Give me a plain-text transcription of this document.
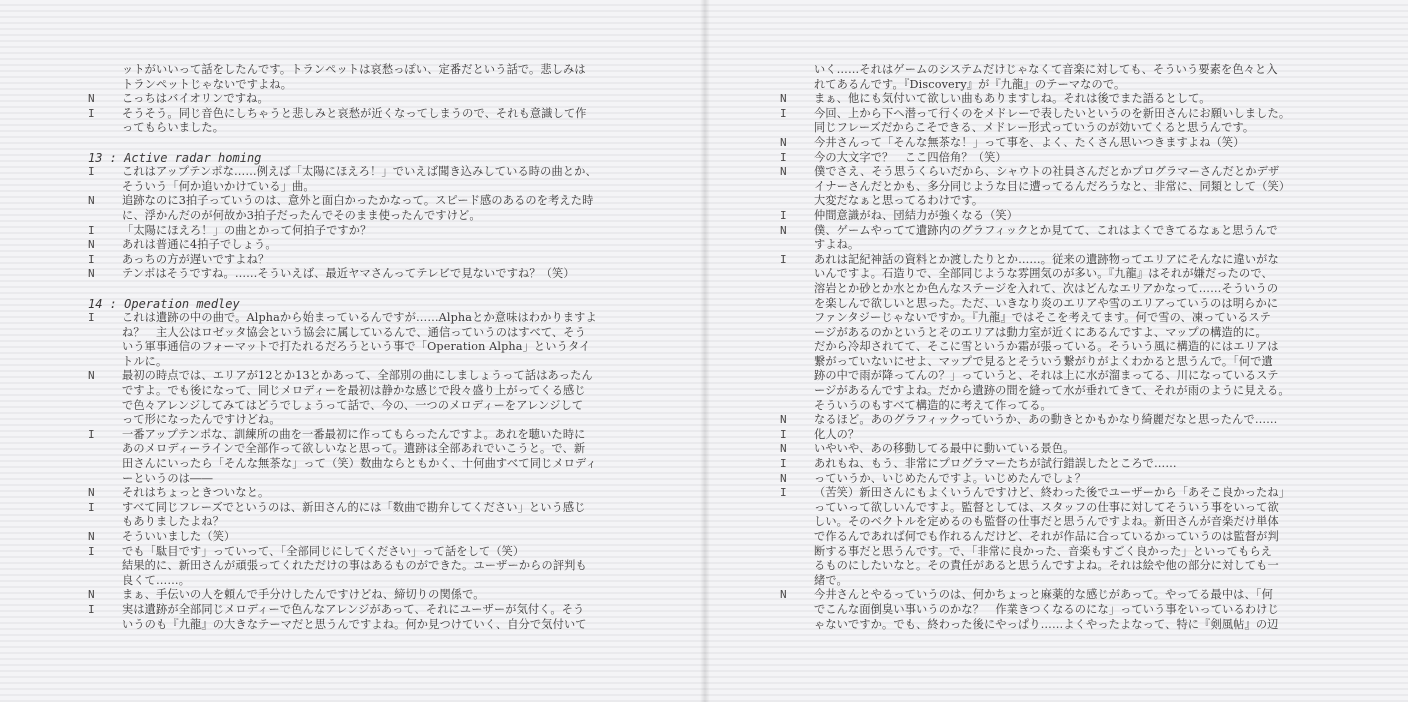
ットがいいって話をしたんです。トランペットは哀愁っぽい、定番だという話で。悲しみは
トランペットじゃないですよね。
N	こっちはバイオリンですね。
I	そうそう。同じ音色にしちゃうと悲しみと哀愁が近くなってしまうので、それも意識して作
ってもらいました。
13 : Active radar homing
I	これはアップテンポな……例えば「太陽にほえろ！」でいえば聞き込みしている時の曲とか、
そういう「何か追いかけている」曲。
N	追跡なのに3拍子っていうのは、意外と面白かったかなって。スピード感のあるのを考えた時
に、浮かんだのが何故か3拍子だったんでそのまま使ったんですけど。
I	「太陽にほえろ！」の曲とかって何拍子ですか？
N	あれは普通に4拍子でしょう。
I	あっちの方が遅いですよね？
N	テンポはそうですね。……そういえば、最近ヤマさんってテレビで見ないですね？（笑）
14 : Operation medley
I	これは遺跡の中の曲で。Alphaから始まっているんですが……Alphaとか意味はわかりますよ
ね？　主人公はロゼッタ協会という協会に属しているんで、通信っていうのはすべて、そう
いう軍事通信のフォーマットで打たれるだろうという事で「Operation Alpha」というタイ
トルに。
N	最初の時点では、エリアが12とか13とかあって、全部別の曲にしましょうって話はあったん
ですよ。でも後になって、同じメロディーを最初は静かな感じで段々盛り上がってくる感じ
で色々アレンジしてみてはどうでしょうって話で、今の、一つのメロディーをアレンジして
って形になったんですけどね。
I	一番アップテンポな、訓練所の曲を一番最初に作ってもらったんですよ。あれを聴いた時に
あのメロディーラインで全部作って欲しいなと思って。遺跡は全部あれでいこうと。で、新
田さんにいったら「そんな無茶な」って（笑）数曲ならともかく、十何曲すべて同じメロディ
ーというのは――
N	それはちょっときついなと。
I	すべて同じフレーズでというのは、新田さん的には「数曲で勘弁してください」という感じ
もありましたよね？
N	そういいました（笑）
I	でも「駄目です」っていって、「全部同じにしてください」って話をして（笑）
結果的に、新田さんが頑張ってくれただけの事はあるものができた。ユーザーからの評判も
良くて……。
N	まぁ、手伝いの人を頼んで手分けしたんですけどね、締切りの関係で。
I	実は遺跡が全部同じメロディーで色んなアレンジがあって、それにユーザーが気付く。そう
いうのも『九龍』の大きなテーマだと思うんですよね。何か見つけていく、自分で気付いて
いく……それはゲームのシステムだけじゃなくて音楽に対しても、そういう要素を色々と入
れてあるんです。『Discovery』が『九龍』のテーマなので。
N	まぁ、他にも気付いて欲しい曲もありますしね。それは後でまた語るとして。
I	今回、上から下へ潜って行くのをメドレーで表したいというのを新田さんにお願いしました。
同じフレーズだからこそできる、メドレー形式っていうのが効いてくると思うんです。
N	今井さんって「そんな無茶な！」って事を、よく、たくさん思いつきますよね（笑）
I	今の大文字で？　ここ四倍角？（笑）
N	僕でさえ、そう思うくらいだから、シャウトの社員さんだとかプログラマーさんだとかデザ
イナーさんだとかも、多分同じような目に遭ってるんだろうなと、非常に、同類として（笑）
大変だなぁと思ってるわけです。
I	仲間意識がね、団結力が強くなる（笑）
N	僕、ゲームやってて遺跡内のグラフィックとか見てて、これはよくできてるなぁと思うんで
すよね。
I	あれは記紀神話の資料とか渡したりとか……。従来の遺跡物ってエリアにそんなに違いがな
いんですよ。石造りで、全部同じような雰囲気のが多い。『九龍』はそれが嫌だったので、
溶岩とか砂とか水とか色んなステージを入れて、次はどんなエリアかなって……そういうの
を楽しんで欲しいと思った。ただ、いきなり炎のエリアや雪のエリアっていうのは明らかに
ファンタジーじゃないですか。『九龍』ではそこを考えてます。何で雪の、凍っているステ
ージがあるのかというとそのエリアは動力室が近くにあるんですよ、マップの構造的に。
だから冷却されてて、そこに雪というか霜が張っている。そういう風に構造的にはエリアは
繋がっていないにせよ、マップで見るとそういう繋がりがよくわかると思うんで。「何で遺
跡の中で雨が降ってんの？」っていうと、それは上に水が溜まってる、川になっているステ
ージがあるんですよね。だから遺跡の間を縫って水が垂れてきて、それが雨のように見える。
そういうのもすべて構造的に考えて作ってる。
N	なるほど。あのグラフィックっていうか、あの動きとかもかなり綺麗だなと思ったんで……
I	化人の？
N	いやいや、あの移動してる最中に動いている景色。
I	あれもね、もう、非常にプログラマーたちが試行錯誤したところで……
N	っていうか、いじめたんですよ。いじめたんでしょ？
I	（苦笑）新田さんにもよくいうんですけど、終わった後でユーザーから「あそこ良かったね」
っていって欲しいんですよ。監督としては、スタッフの仕事に対してそういう事をいって欲
しい。そのベクトルを定めるのも監督の仕事だと思うんですよね。新田さんが音楽だけ単体
で作るんであれば何でも作れるんだけど、それが作品に合っているかっていうのは監督が判
断する事だと思うんです。で、「非常に良かった、音楽もすごく良かった」といってもらえ
るものにしたいなと。その責任があると思うんですよね。それは絵や他の部分に対しても一
緒で。
N	今井さんとやるっていうのは、何かちょっと麻薬的な感じがあって。やってる最中は、「何
でこんな面倒臭い事いうのかな？　作業きつくなるのにな」っていう事をいっているわけじ
ゃないですか。でも、終わった後にやっぱり……よくやったよなって、特に『剣風帖』の辺
